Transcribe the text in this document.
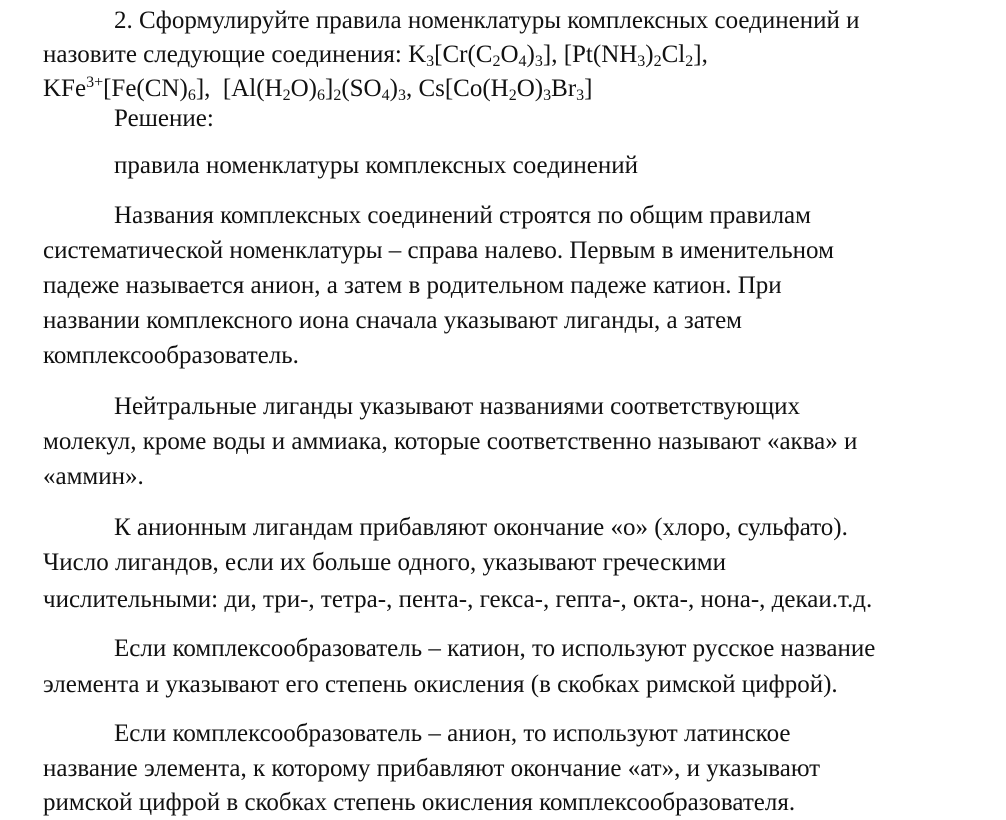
2. Сформулируйте правила номенклатуры комплексных соединений и
назовите следующие соединения: $K_3[Cr(C_2O_4)_3]$, $[Pt(NH_3)_2Cl_2]$,
$KFe^{3+}[Fe(CN)_6]$,  $[Al(H_2O)_6]_2(SO_4)_3$, $Cs[Co(H_2O)_3Br_3]$
Решение:
правила номенклатуры комплексных соединений
Названия комплексных соединений строятся по общим правилам
систематической номенклатуры – справа налево. Первым в именительном
падеже называется анион, а затем в родительном падеже катион. При
названии комплексного иона сначала указывают лиганды, а затем
комплексообразователь.
Нейтральные лиганды указывают названиями соответствующих
молекул, кроме воды и аммиака, которые соответственно называют «аква» и
«аммин».
К анионным лигандам прибавляют окончание «о» (хлоро, сульфато).
Число лигандов, если их больше одного, указывают греческими
числительными: ди, три-, тетра-, пента-, гекса-, гепта-, окта-, нона-, декаи.т.д.
Если комплексообразователь – катион, то используют русское название
элемента и указывают его степень окисления (в скобках римской цифрой).
Если комплексообразователь – анион, то используют латинское
название элемента, к которому прибавляют окончание «ат», и указывают
римской цифрой в скобках степень окисления комплексообразователя.
